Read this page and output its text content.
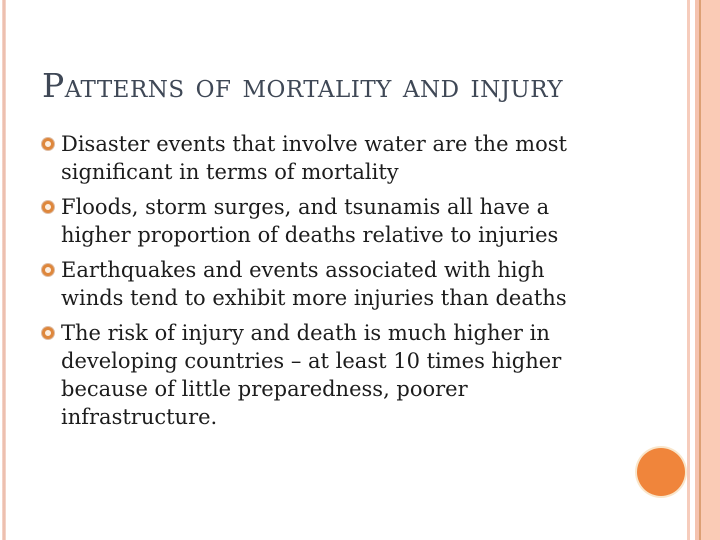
Patterns of mortality and injury
Disaster events that involve water are the most
significant in terms of mortality
Floods, storm surges, and tsunamis all have a
higher proportion of deaths relative to injuries
Earthquakes and events associated with high
winds tend to exhibit more injuries than deaths
The risk of injury and death is much higher in
developing countries – at least 10 times higher
because of little preparedness, poorer
infrastructure.
